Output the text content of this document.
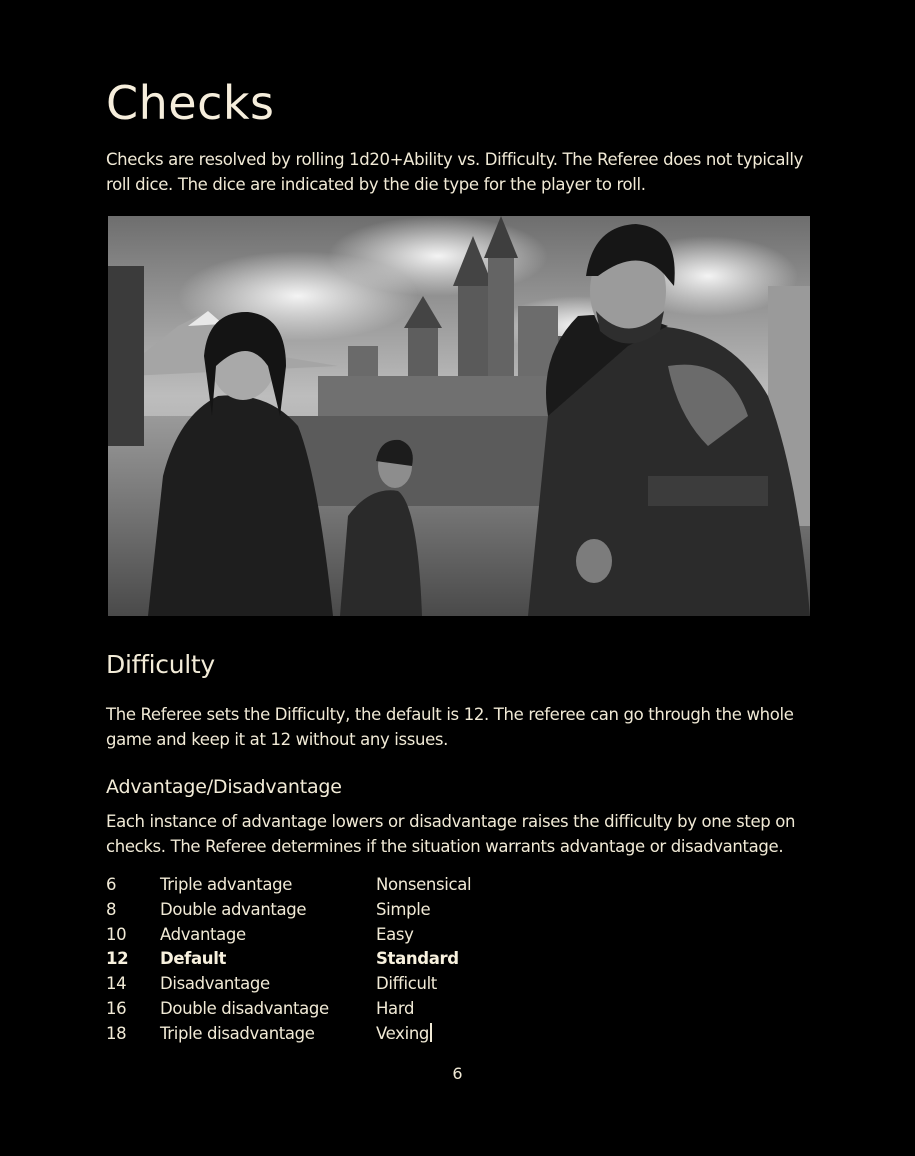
Checks

Checks are resolved by rolling 1d20+Ability vs. Difficulty. The Referee does not typically roll dice. The dice are indicated by the die type for the player to roll.

Difficulty

The Referee sets the Difficulty, the default is 12. The referee can go through the whole game and keep it at 12 without any issues.

Advantage/Disadvantage

Each instance of advantage lowers or disadvantage raises the difficulty by one step on checks. The Referee determines if the situation warrants advantage or disadvantage.

6	Triple advantage	Nonsensical
8	Double advantage	Simple
10 Advantage	Easy
12 Default	Standard
14 Disadvantage	Difficult
16 Double disadvantage	Hard
18 Triple disadvantage	Vexing
6
